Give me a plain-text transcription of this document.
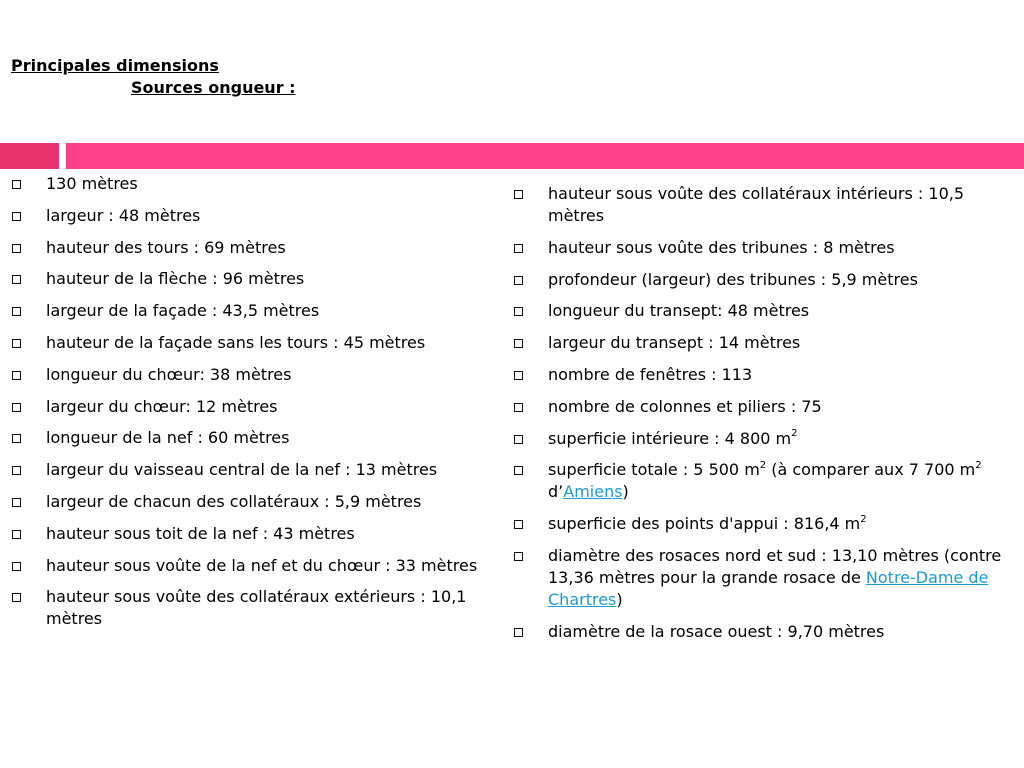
Principales dimensions
Sources ongueur :
130 mètres
largeur : 48 mètres
hauteur des tours : 69 mètres
hauteur de la flèche : 96 mètres
largeur de la façade : 43,5 mètres
hauteur de la façade sans les tours : 45 mètres
longueur du chœur: 38 mètres
largeur du chœur: 12 mètres
longueur de la nef : 60 mètres
largeur du vaisseau central de la nef : 13 mètres
largeur de chacun des collatéraux : 5,9 mètres
hauteur sous toit de la nef : 43 mètres
hauteur sous voûte de la nef et du chœur : 33 mètres
hauteur sous voûte des collatéraux extérieurs : 10,1 mètres
hauteur sous voûte des collatéraux intérieurs : 10,5 mètres
hauteur sous voûte des tribunes : 8 mètres
profondeur (largeur) des tribunes : 5,9 mètres
longueur du transept: 48 mètres
largeur du transept : 14 mètres
nombre de fenêtres : 113
nombre de colonnes et piliers : 75
superficie intérieure : 4 800 $m^2$
superficie totale : 5 500 $m^2$ (à comparer aux 7 700 $m^2$ d’Amiens)
superficie des points d'appui : 816,4 $m^2$
diamètre des rosaces nord et sud : 13,10 mètres (contre 13,36 mètres pour la grande rosace de Notre-Dame de Chartres)
diamètre de la rosace ouest : 9,70 mètres
